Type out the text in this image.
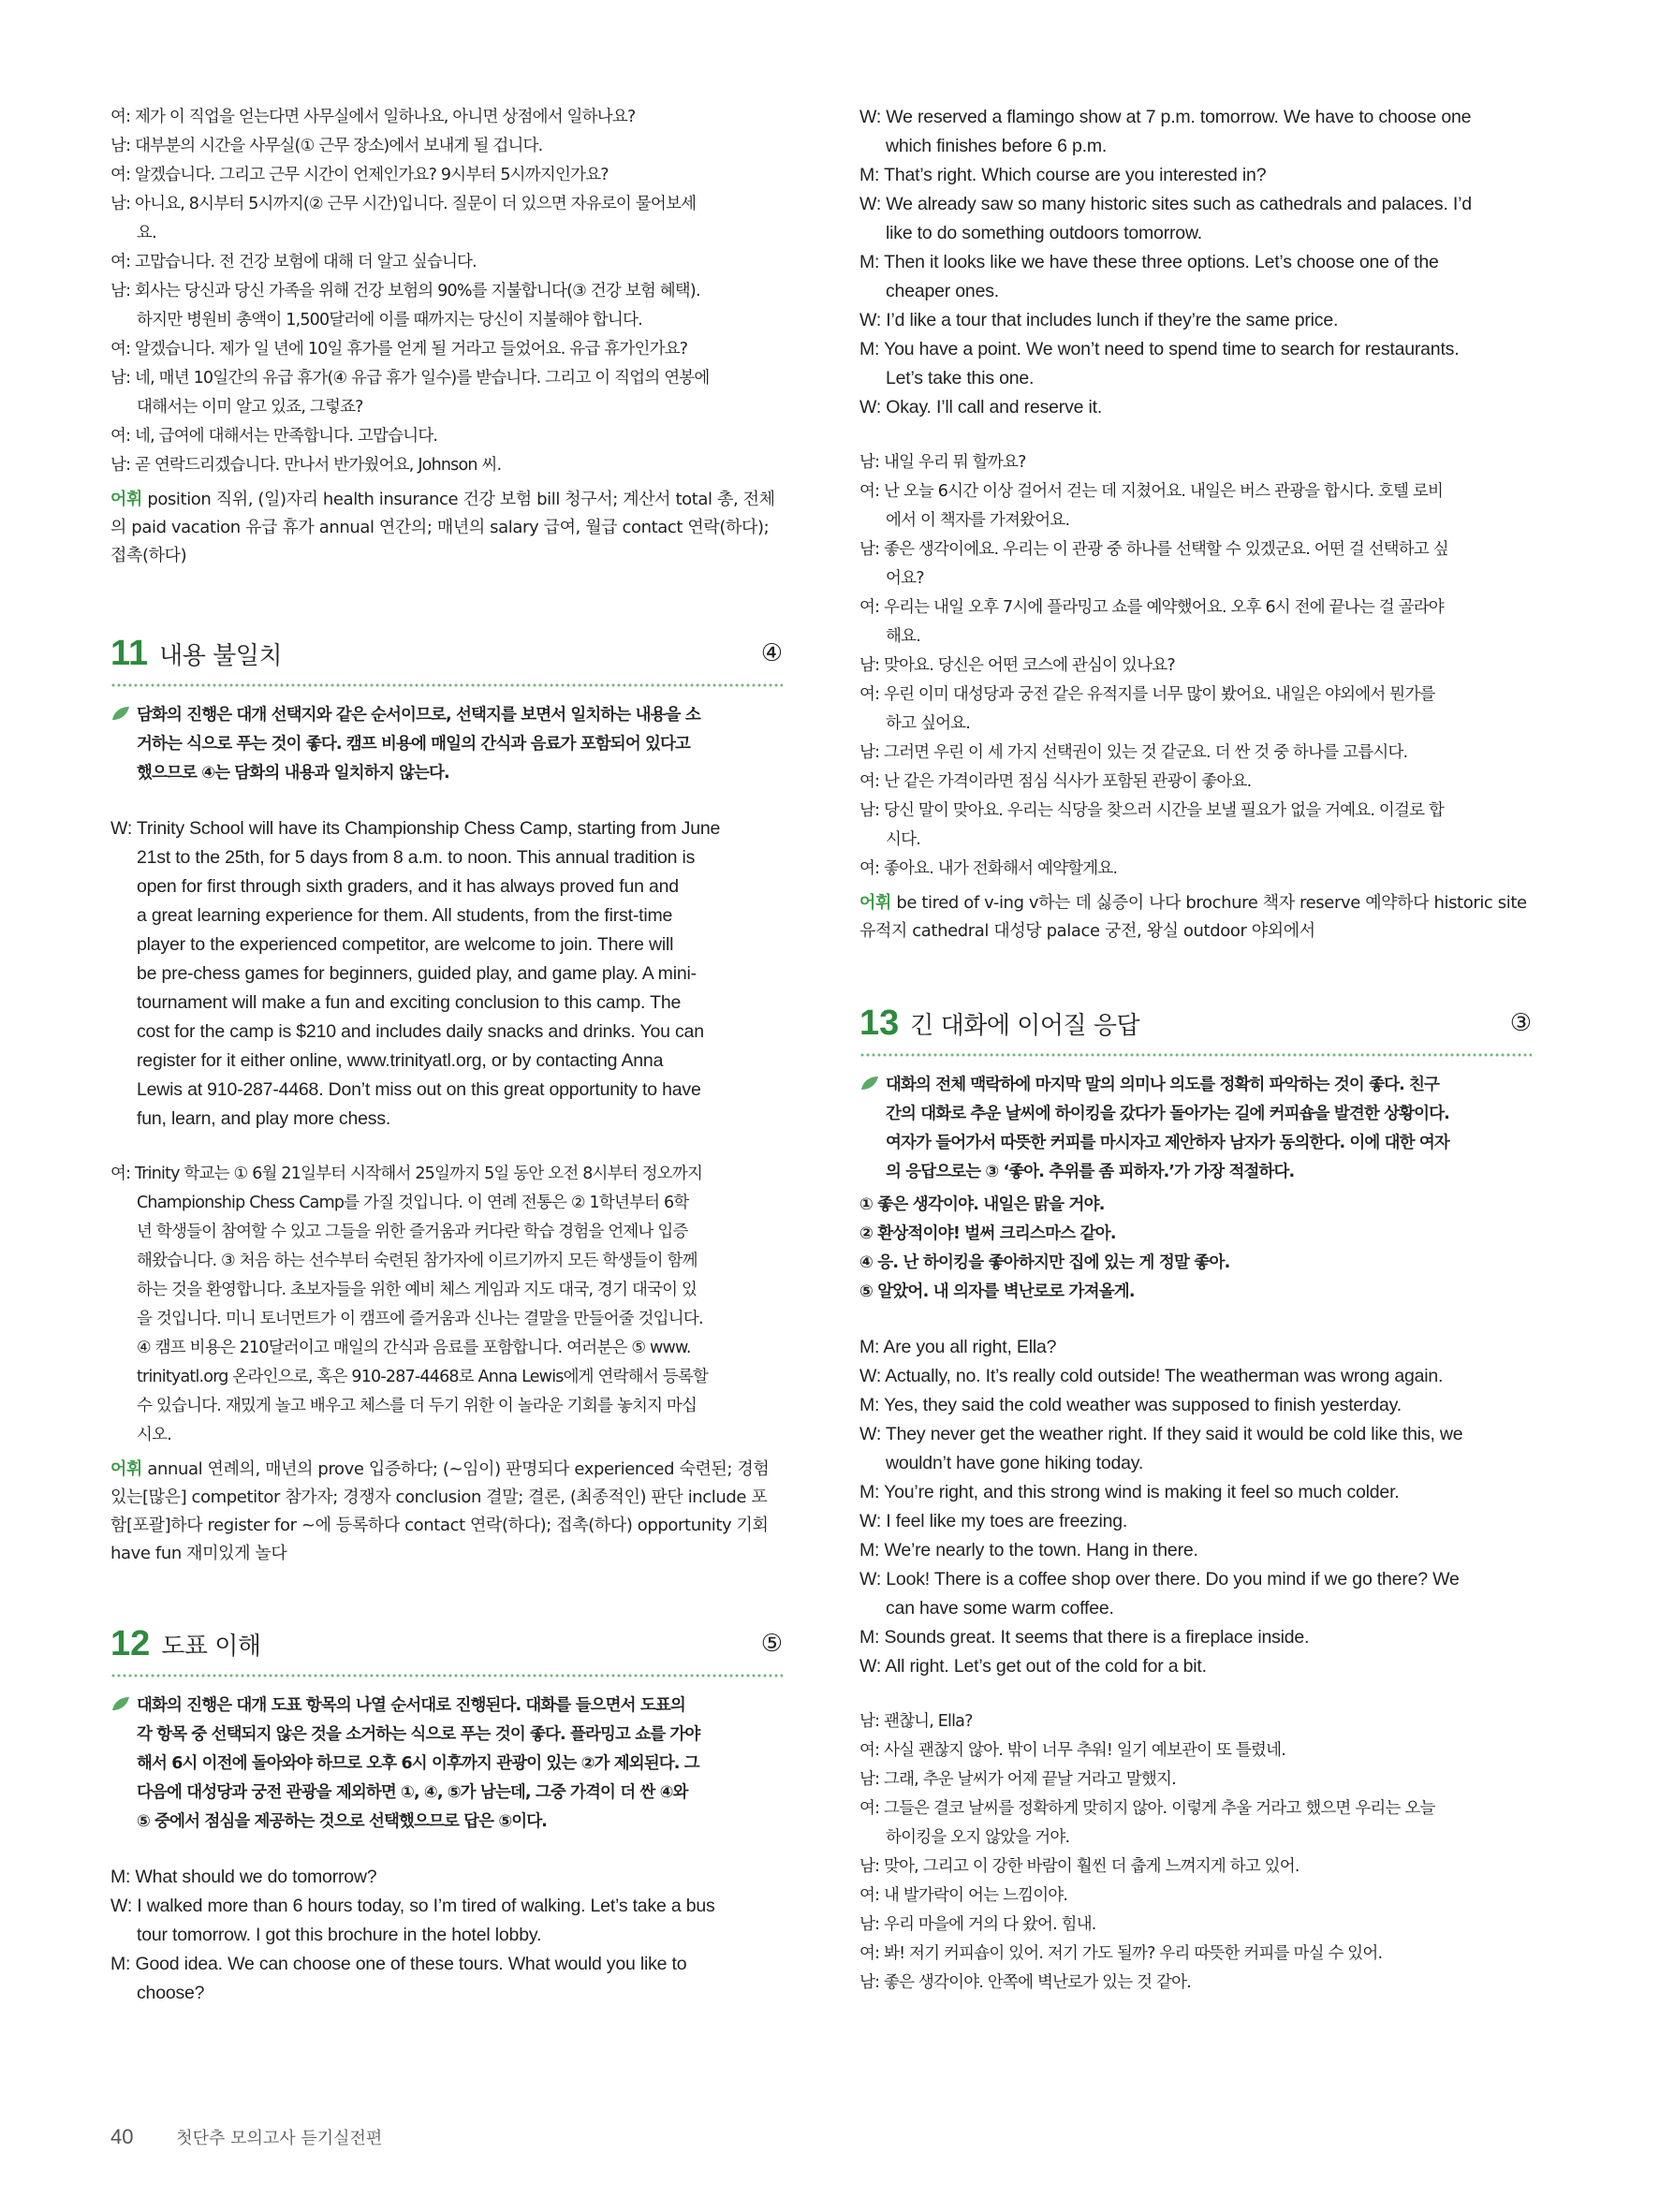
여: 제가 이 직업을 얻는다면 사무실에서 일하나요, 아니면 상점에서 일하나요?
남: 대부분의 시간을 사무실(① 근무 장소)에서 보내게 될 겁니다.
여: 알겠습니다. 그리고 근무 시간이 언제인가요? 9시부터 5시까지인가요?
남: 아니요, 8시부터 5시까지(② 근무 시간)입니다. 질문이 더 있으면 자유로이 물어보세
요.
여: 고맙습니다. 전 건강 보험에 대해 더 알고 싶습니다.
남: 회사는 당신과 당신 가족을 위해 건강 보험의 90%를 지불합니다(③ 건강 보험 혜택).
하지만 병원비 총액이 1,500달러에 이를 때까지는 당신이 지불해야 합니다.
여: 알겠습니다. 제가 일 년에 10일 휴가를 얻게 될 거라고 들었어요. 유급 휴가인가요?
남: 네, 매년 10일간의 유급 휴가(④ 유급 휴가 일수)를 받습니다. 그리고 이 직업의 연봉에
대해서는 이미 알고 있죠, 그렇죠?
여: 네, 급여에 대해서는 만족합니다. 고맙습니다.
남: 곧 연락드리겠습니다. 만나서 반가웠어요, Johnson 씨.
어휘 position 직위, (일)자리 health insurance 건강 보험 bill 청구서; 계산서 total 총, 전체의 paid vacation 유급 휴가 annual 연간의; 매년의 salary 급여, 월급 contact 연락(하다); 접촉(하다)
11 내용 불일치	④
담화의 진행은 대개 선택지와 같은 순서이므로, 선택지를 보면서 일치하는 내용을 소
거하는 식으로 푸는 것이 좋다. 캠프 비용에 매일의 간식과 음료가 포함되어 있다고
했으므로 ④는 담화의 내용과 일치하지 않는다.
W: Trinity School will have its Championship Chess Camp, starting from June
21st to the 25th, for 5 days from 8 a.m. to noon. This annual tradition is
open for first through sixth graders, and it has always proved fun and
a great learning experience for them. All students, from the first-time
player to the experienced competitor, are welcome to join. There will
be pre-chess games for beginners, guided play, and game play. A mini-
tournament will make a fun and exciting conclusion to this camp. The
cost for the camp is $210 and includes daily snacks and drinks. You can
register for it either online, www.trinityatl.org, or by contacting Anna
Lewis at 910-287-4468. Don’t miss out on this great opportunity to have
fun, learn, and play more chess.
여: Trinity 학교는 ① 6월 21일부터 시작해서 25일까지 5일 동안 오전 8시부터 정오까지
Championship Chess Camp를 가질 것입니다. 이 연례 전통은 ② 1학년부터 6학
년 학생들이 참여할 수 있고 그들을 위한 즐거움과 커다란 학습 경험을 언제나 입증
해왔습니다. ③ 처음 하는 선수부터 숙련된 참가자에 이르기까지 모든 학생들이 함께
하는 것을 환영합니다. 초보자들을 위한 예비 체스 게임과 지도 대국, 경기 대국이 있
을 것입니다. 미니 토너먼트가 이 캠프에 즐거움과 신나는 결말을 만들어줄 것입니다.
④ 캠프 비용은 210달러이고 매일의 간식과 음료를 포함합니다. 여러분은 ⑤ www.
trinityatl.org 온라인으로, 혹은 910-287-4468로 Anna Lewis에게 연락해서 등록할
수 있습니다. 재밌게 놀고 배우고 체스를 더 두기 위한 이 놀라운 기회를 놓치지 마십
시오.
어휘 annual 연례의, 매년의 prove 입증하다; (~임이) 판명되다 experienced 숙련된; 경험 있는[많은] competitor 참가자; 경쟁자 conclusion 결말; 결론, (최종적인) 판단 include 포함[포괄]하다 register for ~에 등록하다 contact 연락(하다); 접촉(하다) opportunity 기회 have fun 재미있게 놀다
12 도표 이해	⑤
대화의 진행은 대개 도표 항목의 나열 순서대로 진행된다. 대화를 들으면서 도표의
각 항목 중 선택되지 않은 것을 소거하는 식으로 푸는 것이 좋다. 플라밍고 쇼를 가야
해서 6시 이전에 돌아와야 하므로 오후 6시 이후까지 관광이 있는 ②가 제외된다. 그
다음에 대성당과 궁전 관광을 제외하면 ①, ④, ⑤가 남는데, 그중 가격이 더 싼 ④와
⑤ 중에서 점심을 제공하는 것으로 선택했으므로 답은 ⑤이다.
M: What should we do tomorrow?
W: I walked more than 6 hours today, so I’m tired of walking. Let’s take a bus
tour tomorrow. I got this brochure in the hotel lobby.
M: Good idea. We can choose one of these tours. What would you like to
choose?
W: We reserved a flamingo show at 7 p.m. tomorrow. We have to choose one
which finishes before 6 p.m.
M: That’s right. Which course are you interested in?
W: We already saw so many historic sites such as cathedrals and palaces. I’d
like to do something outdoors tomorrow.
M: Then it looks like we have these three options. Let’s choose one of the
cheaper ones.
W: I’d like a tour that includes lunch if they’re the same price.
M: You have a point. We won’t need to spend time to search for restaurants.
Let’s take this one.
W: Okay. I’ll call and reserve it.
남: 내일 우리 뭐 할까요?
여: 난 오늘 6시간 이상 걸어서 걷는 데 지쳤어요. 내일은 버스 관광을 합시다. 호텔 로비
에서 이 책자를 가져왔어요.
남: 좋은 생각이에요. 우리는 이 관광 중 하나를 선택할 수 있겠군요. 어떤 걸 선택하고 싶
어요?
여: 우리는 내일 오후 7시에 플라밍고 쇼를 예약했어요. 오후 6시 전에 끝나는 걸 골라야
해요.
남: 맞아요. 당신은 어떤 코스에 관심이 있나요?
여: 우린 이미 대성당과 궁전 같은 유적지를 너무 많이 봤어요. 내일은 야외에서 뭔가를
하고 싶어요.
남: 그러면 우린 이 세 가지 선택권이 있는 것 같군요. 더 싼 것 중 하나를 고릅시다.
여: 난 같은 가격이라면 점심 식사가 포함된 관광이 좋아요.
남: 당신 말이 맞아요. 우리는 식당을 찾으러 시간을 보낼 필요가 없을 거예요. 이걸로 합
시다.
여: 좋아요. 내가 전화해서 예약할게요.
어휘 be tired of v-ing v하는 데 싫증이 나다 brochure 책자 reserve 예약하다 historic site 유적지 cathedral 대성당 palace 궁전, 왕실 outdoor 야외에서
13 긴 대화에 이어질 응답	③
대화의 전체 맥락하에 마지막 말의 의미나 의도를 정확히 파악하는 것이 좋다. 친구
간의 대화로 추운 날씨에 하이킹을 갔다가 돌아가는 길에 커피숍을 발견한 상황이다.
여자가 들어가서 따뜻한 커피를 마시자고 제안하자 남자가 동의한다. 이에 대한 여자
의 응답으로는 ③ ‘좋아. 추위를 좀 피하자.’가 가장 적절하다.
① 좋은 생각이야. 내일은 맑을 거야.
② 환상적이야! 벌써 크리스마스 같아.
④ 응. 난 하이킹을 좋아하지만 집에 있는 게 정말 좋아.
⑤ 알았어. 내 의자를 벽난로로 가져올게.
M: Are you all right, Ella?
W: Actually, no. It’s really cold outside! The weatherman was wrong again.
M: Yes, they said the cold weather was supposed to finish yesterday.
W: They never get the weather right. If they said it would be cold like this, we
wouldn’t have gone hiking today.
M: You’re right, and this strong wind is making it feel so much colder.
W: I feel like my toes are freezing.
M: We’re nearly to the town. Hang in there.
W: Look! There is a coffee shop over there. Do you mind if we go there? We
can have some warm coffee.
M: Sounds great. It seems that there is a fireplace inside.
W: All right. Let’s get out of the cold for a bit.
남: 괜찮니, Ella?
여: 사실 괜찮지 않아. 밖이 너무 추워! 일기 예보관이 또 틀렸네.
남: 그래, 추운 날씨가 어제 끝날 거라고 말했지.
여: 그들은 결코 날씨를 정확하게 맞히지 않아. 이렇게 추울 거라고 했으면 우리는 오늘
하이킹을 오지 않았을 거야.
남: 맞아, 그리고 이 강한 바람이 훨씬 더 춥게 느껴지게 하고 있어.
여: 내 발가락이 어는 느낌이야.
남: 우리 마을에 거의 다 왔어. 힘내.
여: 봐! 저기 커피숍이 있어. 저기 가도 될까? 우리 따뜻한 커피를 마실 수 있어.
남: 좋은 생각이야. 안쪽에 벽난로가 있는 것 같아.
40	첫단추 모의고사 듣기실전편
